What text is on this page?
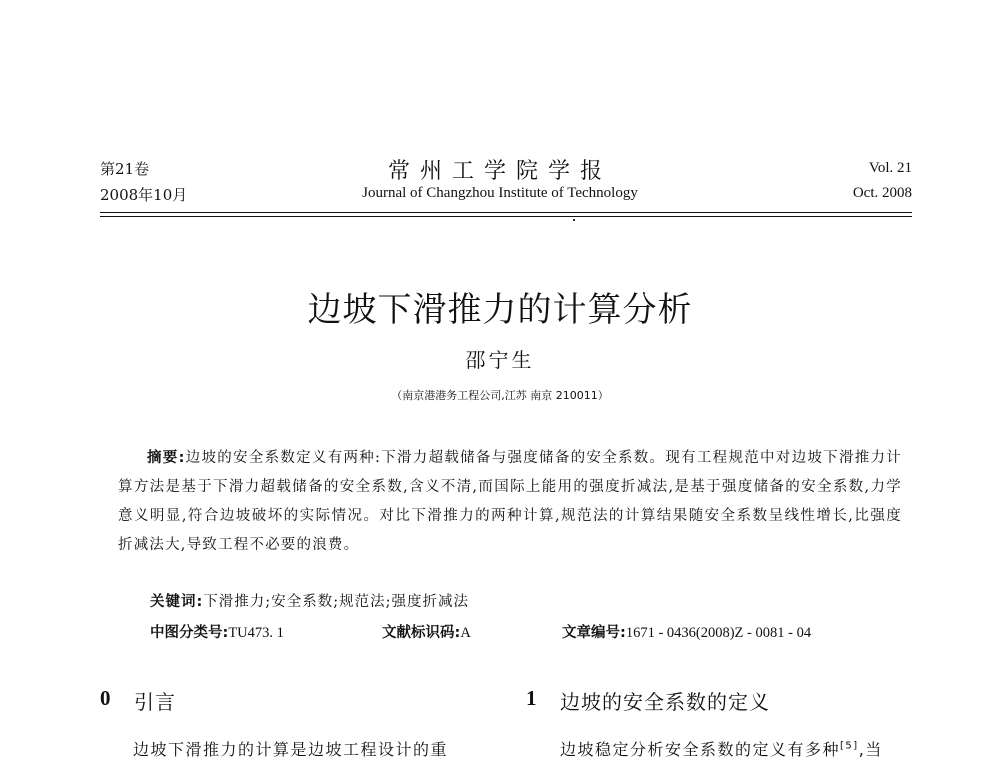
第21卷
2008年10月
常州工学院学报
Journal of Changzhou Institute of Technology
Vol. 21
Oct. 2008
边坡下滑推力的计算分析
邵宁生
（南京港港务工程公司,江苏 南京 210011）
摘要:边坡的安全系数定义有两种:下滑力超载储备与强度储备的安全系数。现有工程规范中对边坡下滑推力计算方法是基于下滑力超载储备的安全系数,含义不清,而国际上能用的强度折减法,是基于强度储备的安全系数,力学意义明显,符合边坡破坏的实际情况。对比下滑推力的两种计算,规范法的计算结果随安全系数呈线性增长,比强度折减法大,导致工程不必要的浪费。
关键词:下滑推力;安全系数;规范法;强度折减法
中图分类号:TU473. 1	文献标识码:A	文章编号:1671 - 0436(2008)Z - 0081 - 04
0 引言
边坡下滑推力的计算是边坡工程设计的重
1 边坡的安全系数的定义
边坡稳定分析安全系数的定义有多种[5],当
